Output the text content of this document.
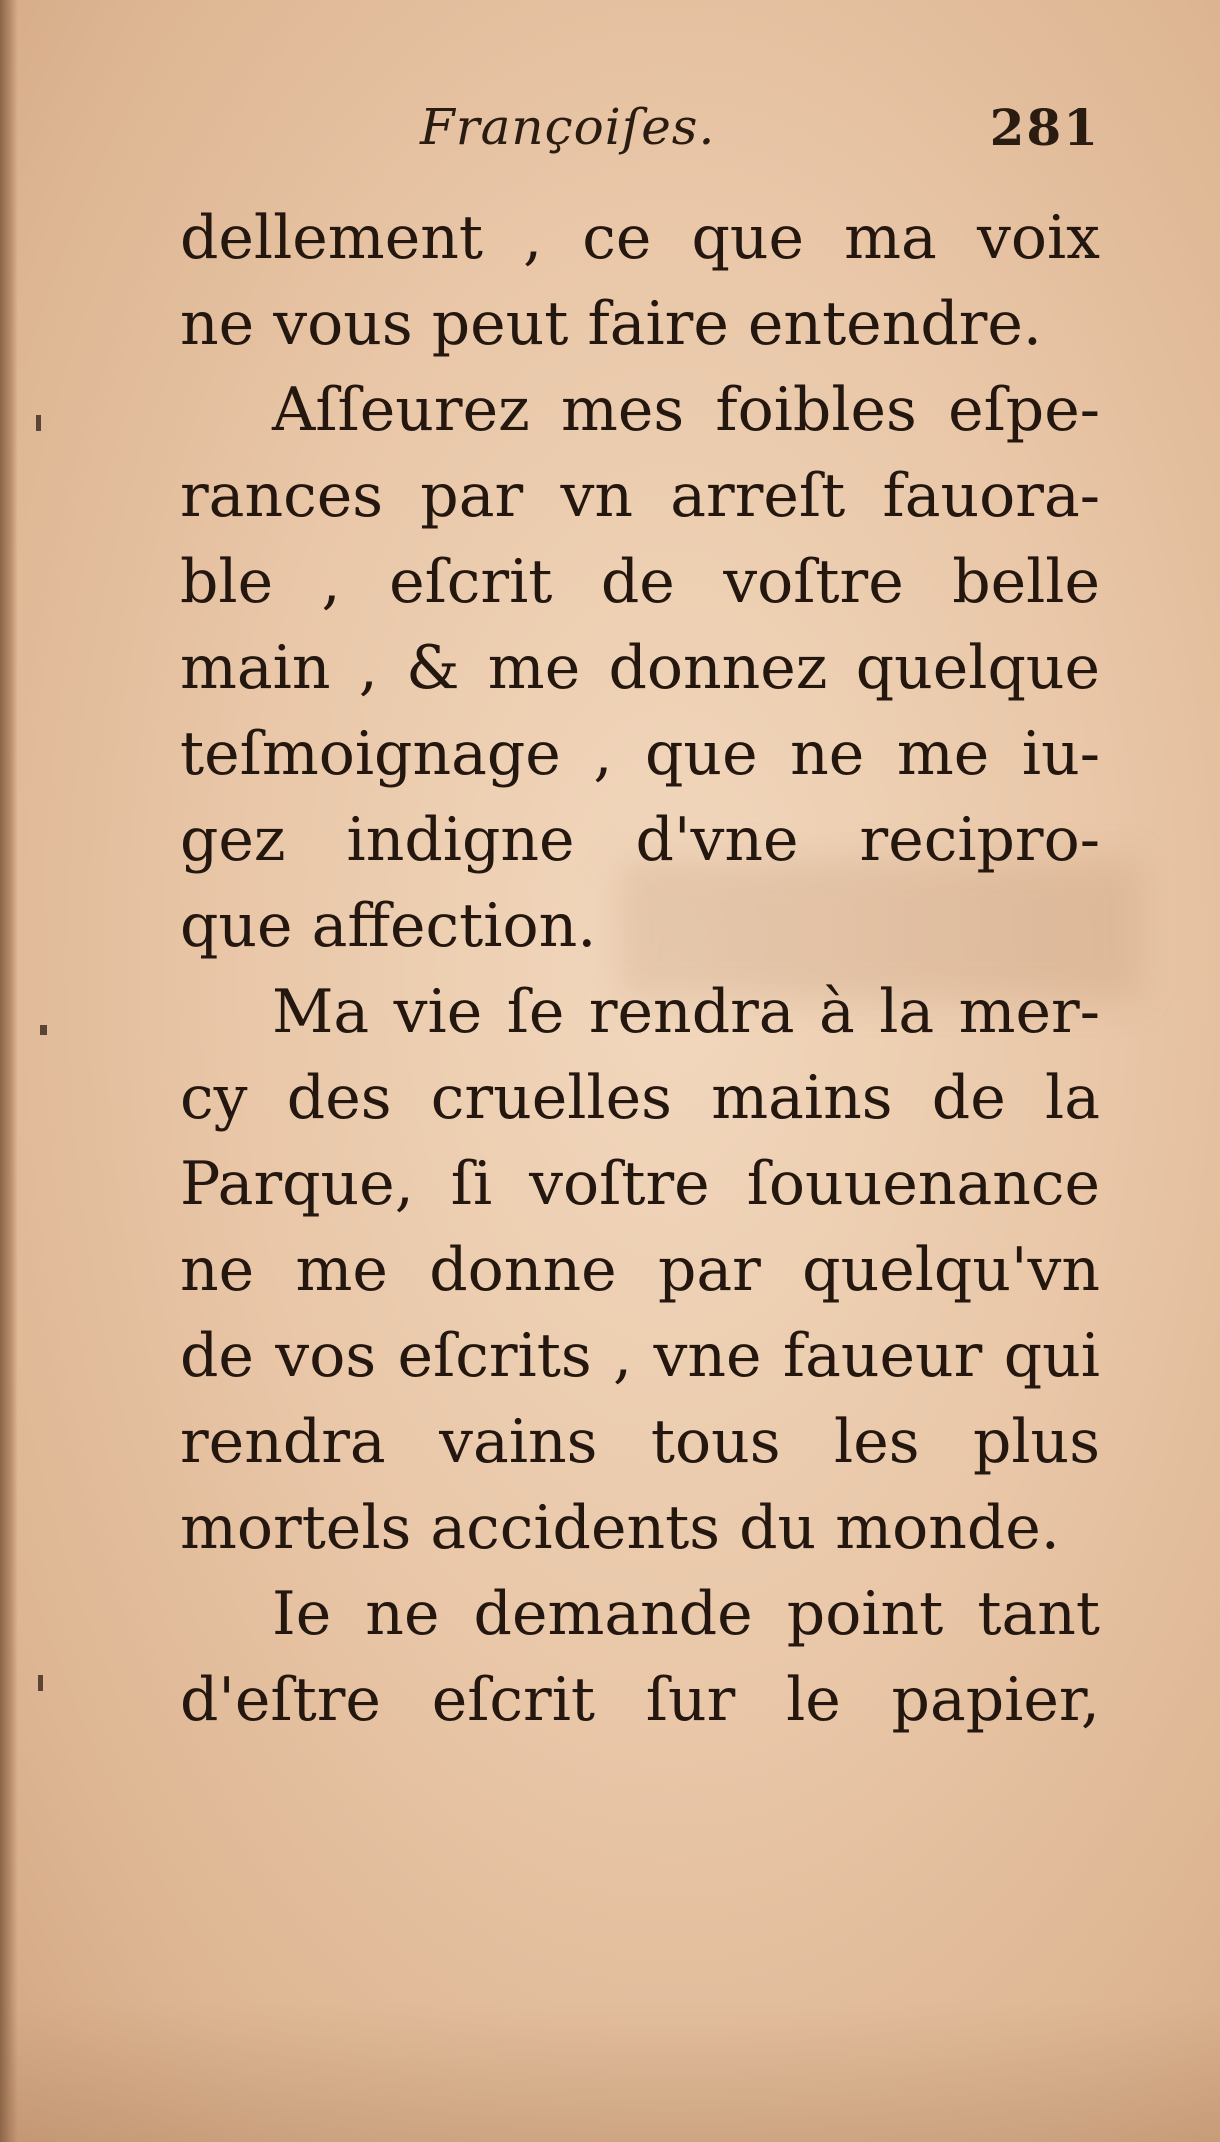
Françoiſes.	281
dellement , ce que ma voix
ne vous peut faire entendre.
Aſſeurez mes foibles eſpe-
rances par vn arreſt fauora-
ble , eſcrit de voſtre belle
main , & me donnez quelque
teſmoignage , que ne me iu-
gez indigne d'vne recipro-
que affection.
Ma vie ſe rendra à la mer-
cy des cruelles mains de la
Parque, ſi voſtre ſouuenance
ne me donne par quelqu'vn
de vos eſcrits , vne faueur qui
rendra vains tous les plus
mortels accidents du monde.
Ie ne demande point tant
d'eſtre eſcrit ſur le papier,
